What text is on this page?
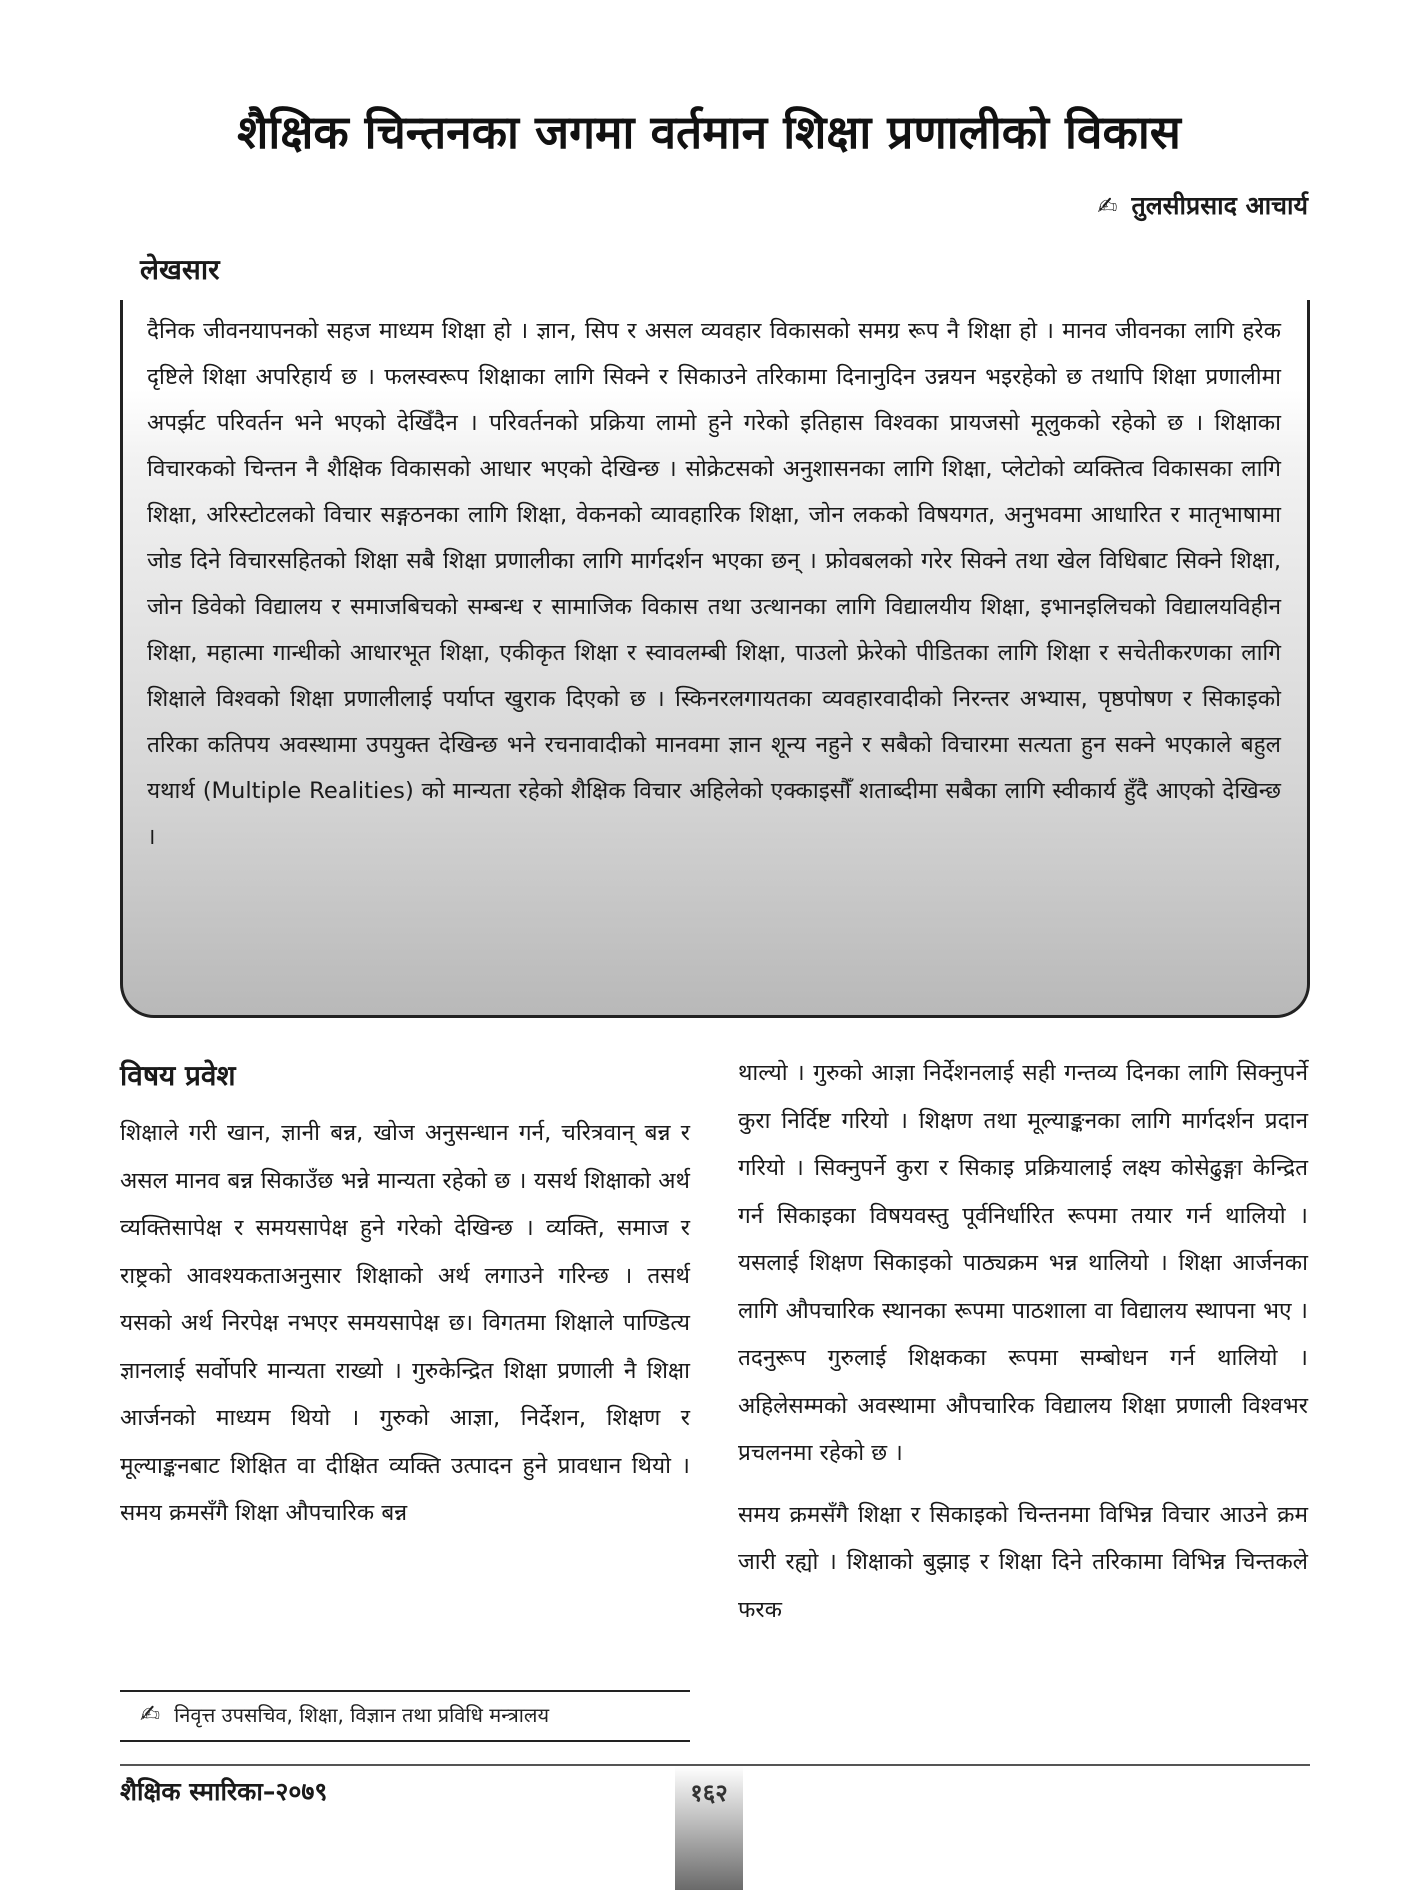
शैक्षिक चिन्तनका जगमा वर्तमान शिक्षा प्रणालीको विकास
✍ तुलसीप्रसाद आचार्य
लेखसार

दैनिक जीवनयापनको सहज माध्यम शिक्षा हो । ज्ञान, सिप र असल व्यवहार विकासको समग्र रूप नै शिक्षा हो । मानव जीवनका लागि हरेक दृष्टिले शिक्षा अपरिहार्य छ । फलस्वरूप शिक्षाका लागि सिक्ने र सिकाउने तरिकामा दिनानुदिन उन्नयन भइरहेको छ तथापि शिक्षा प्रणालीमा अपर्झट परिवर्तन भने भएको देखिँदैन । परिवर्तनको प्रक्रिया लामो हुने गरेको इतिहास विश्वका प्रायजसो मूलुकको रहेको छ । शिक्षाका विचारकको चिन्तन नै शैक्षिक विकासको आधार भएको देखिन्छ । सोक्रेटसको अनुशासनका लागि शिक्षा, प्लेटोको व्यक्तित्व विकासका लागि शिक्षा, अरिस्टोटलको विचार सङ्गठनका लागि शिक्षा, वेकनको व्यावहारिक शिक्षा, जोन लकको विषयगत, अनुभवमा आधारित र मातृभाषामा जोड दिने विचारसहितको शिक्षा सबै शिक्षा प्रणालीका लागि मार्गदर्शन भएका छन् । फ्रोवबलको गरेर सिक्ने तथा खेल विधिबाट सिक्ने शिक्षा, जोन डिवेको विद्यालय र समाजबिचको सम्बन्ध र सामाजिक विकास तथा उत्थानका लागि विद्यालयीय शिक्षा, इभानइलिचको विद्यालयविहीन शिक्षा, महात्मा गान्धीको आधारभूत शिक्षा, एकीकृत शिक्षा र स्वावलम्बी शिक्षा, पाउलो फ्रेरेको पीडितका लागि शिक्षा र सचेतीकरणका लागि शिक्षाले विश्वको शिक्षा प्रणालीलाई पर्याप्त खुराक दिएको छ । स्किनरलगायतका व्यवहारवादीको निरन्तर अभ्यास, पृष्ठपोषण र सिकाइको तरिका कतिपय अवस्थामा उपयुक्त देखिन्छ भने रचनावादीको मानवमा ज्ञान शून्य नहुने र सबैको विचारमा सत्यता हुन सक्ने भएकाले बहुल यथार्थ (Multiple Realities) को मान्यता रहेको शैक्षिक विचार अहिलेको एक्काइसौँ शताब्दीमा सबैका लागि स्वीकार्य हुँदै आएको देखिन्छ ।

विषय प्रवेश

शिक्षाले गरी खान, ज्ञानी बन्न, खोज अनुसन्धान गर्न, चरित्रवान् बन्न र असल मानव बन्न सिकाउँछ भन्ने मान्यता रहेको छ । यसर्थ शिक्षाको अर्थ व्यक्तिसापेक्ष र समयसापेक्ष हुने गरेको देखिन्छ । व्यक्ति, समाज र राष्ट्रको आवश्यकताअनुसार शिक्षाको अर्थ लगाउने गरिन्छ । तसर्थ यसको अर्थ निरपेक्ष नभएर समयसापेक्ष छ। विगतमा शिक्षाले पाण्डित्य ज्ञानलाई सर्वोपरि मान्यता राख्यो । गुरुकेन्द्रित शिक्षा प्रणाली नै शिक्षा आर्जनको माध्यम थियो । गुरुको आज्ञा, निर्देशन, शिक्षण र मूल्याङ्कनबाट शिक्षित वा दीक्षित व्यक्ति उत्पादन हुने प्रावधान थियो । समय क्रमसँगै शिक्षा औपचारिक बन्न

थाल्यो । गुरुको आज्ञा निर्देशनलाई सही गन्तव्य दिनका लागि सिक्नुपर्ने कुरा निर्दिष्ट गरियो । शिक्षण तथा मूल्याङ्कनका लागि मार्गदर्शन प्रदान गरियो । सिक्नुपर्ने कुरा र सिकाइ प्रक्रियालाई लक्ष्य कोसेढुङ्गा केन्द्रित गर्न सिकाइका विषयवस्तु पूर्वनिर्धारित रूपमा तयार गर्न थालियो । यसलाई शिक्षण सिकाइको पाठ्यक्रम भन्न थालियो । शिक्षा आर्जनका लागि औपचारिक स्थानका रूपमा पाठशाला वा विद्यालय स्थापना भए । तदनुरूप गुरुलाई शिक्षकका रूपमा सम्बोधन गर्न थालियो । अहिलेसम्मको अवस्थामा औपचारिक विद्यालय शिक्षा प्रणाली विश्वभर प्रचलनमा रहेको छ ।

समय क्रमसँगै शिक्षा र सिकाइको चिन्तनमा विभिन्न विचार आउने क्रम जारी रह्यो । शिक्षाको बुझाइ र शिक्षा दिने तरिकामा विभिन्न चिन्तकले फरक

✍ निवृत्त उपसचिव, शिक्षा, विज्ञान तथा प्रविधि मन्त्रालय
शैक्षिक स्मारिका–२०७९	१६२
